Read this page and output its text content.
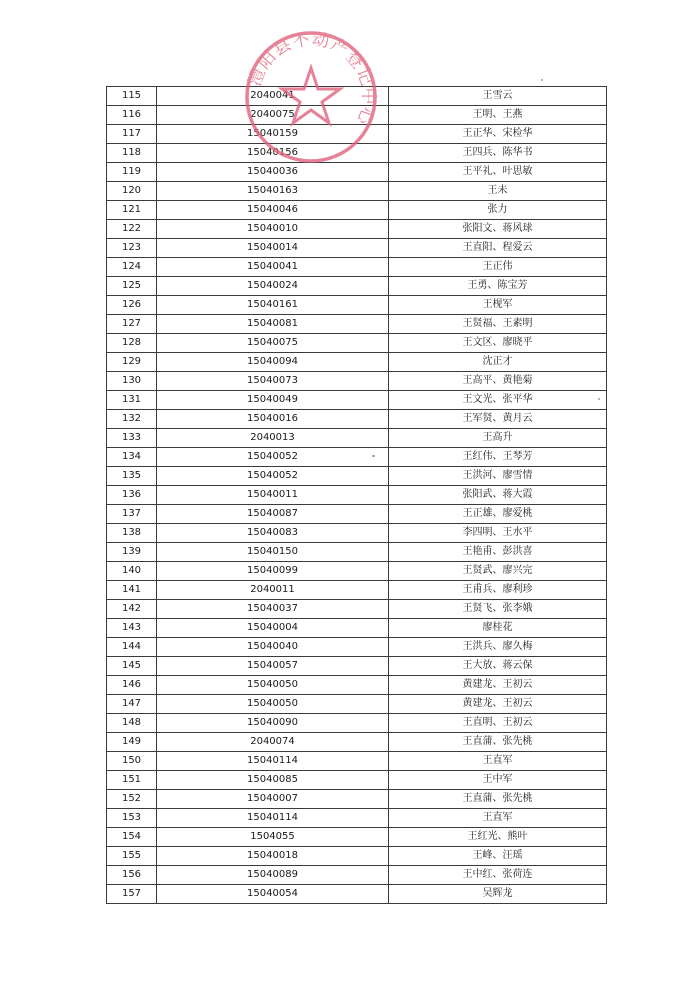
115	2040041	王雪云
116	2040075	王明、王燕
117	15040159	王正华、宋检华
118	15040156	王四兵、陈华书
119	15040036	王平礼、叶思敏
120	15040163	王未
121	15040046	张力
122	15040010	张阳文、蒋风球
123	15040014	王直阳、程爱云
124	15040041	王正伟
125	15040024	王勇、陈宝芳
126	15040161	王枧军
127	15040081	王贤福、王素明
128	15040075	王文区、廖晓平
129	15040094	沈正才
130	15040073	王高平、黄艳菊
131	15040049	王文光、张平华
132	15040016	王军贤、黄月云
133	2040013	王高升
134	15040052	王红伟、王琴芳
135	15040052	王洪河、廖雪情
136	15040011	张阳武、蒋大霞
137	15040087	王正雄、廖爱桃
138	15040083	李四明、王水平
139	15040150	王艳甫、彭洪喜
140	15040099	王贤武、廖兴完
141	2040011	王甫兵、廖利珍
142	15040037	王贤飞、张李娥
143	15040004	廖桂花
144	15040040	王洪兵、廖久梅
145	15040057	王大放、蒋云保
146	15040050	黄建龙、王初云
147	15040050	黄建龙、王初云
148	15040090	王直明、王初云
149	2040074	王直蒲、张先桃
150	15040114	王直军
151	15040085	王中军
152	15040007	王直蒲、张先桃
153	15040114	王直军
154	1504055	王红光、熊叶
155	15040018	王峰、汪瑶
156	15040089	王中红、张荷连
157	15040054	吴辉龙
澧阳县不动产登记中心
